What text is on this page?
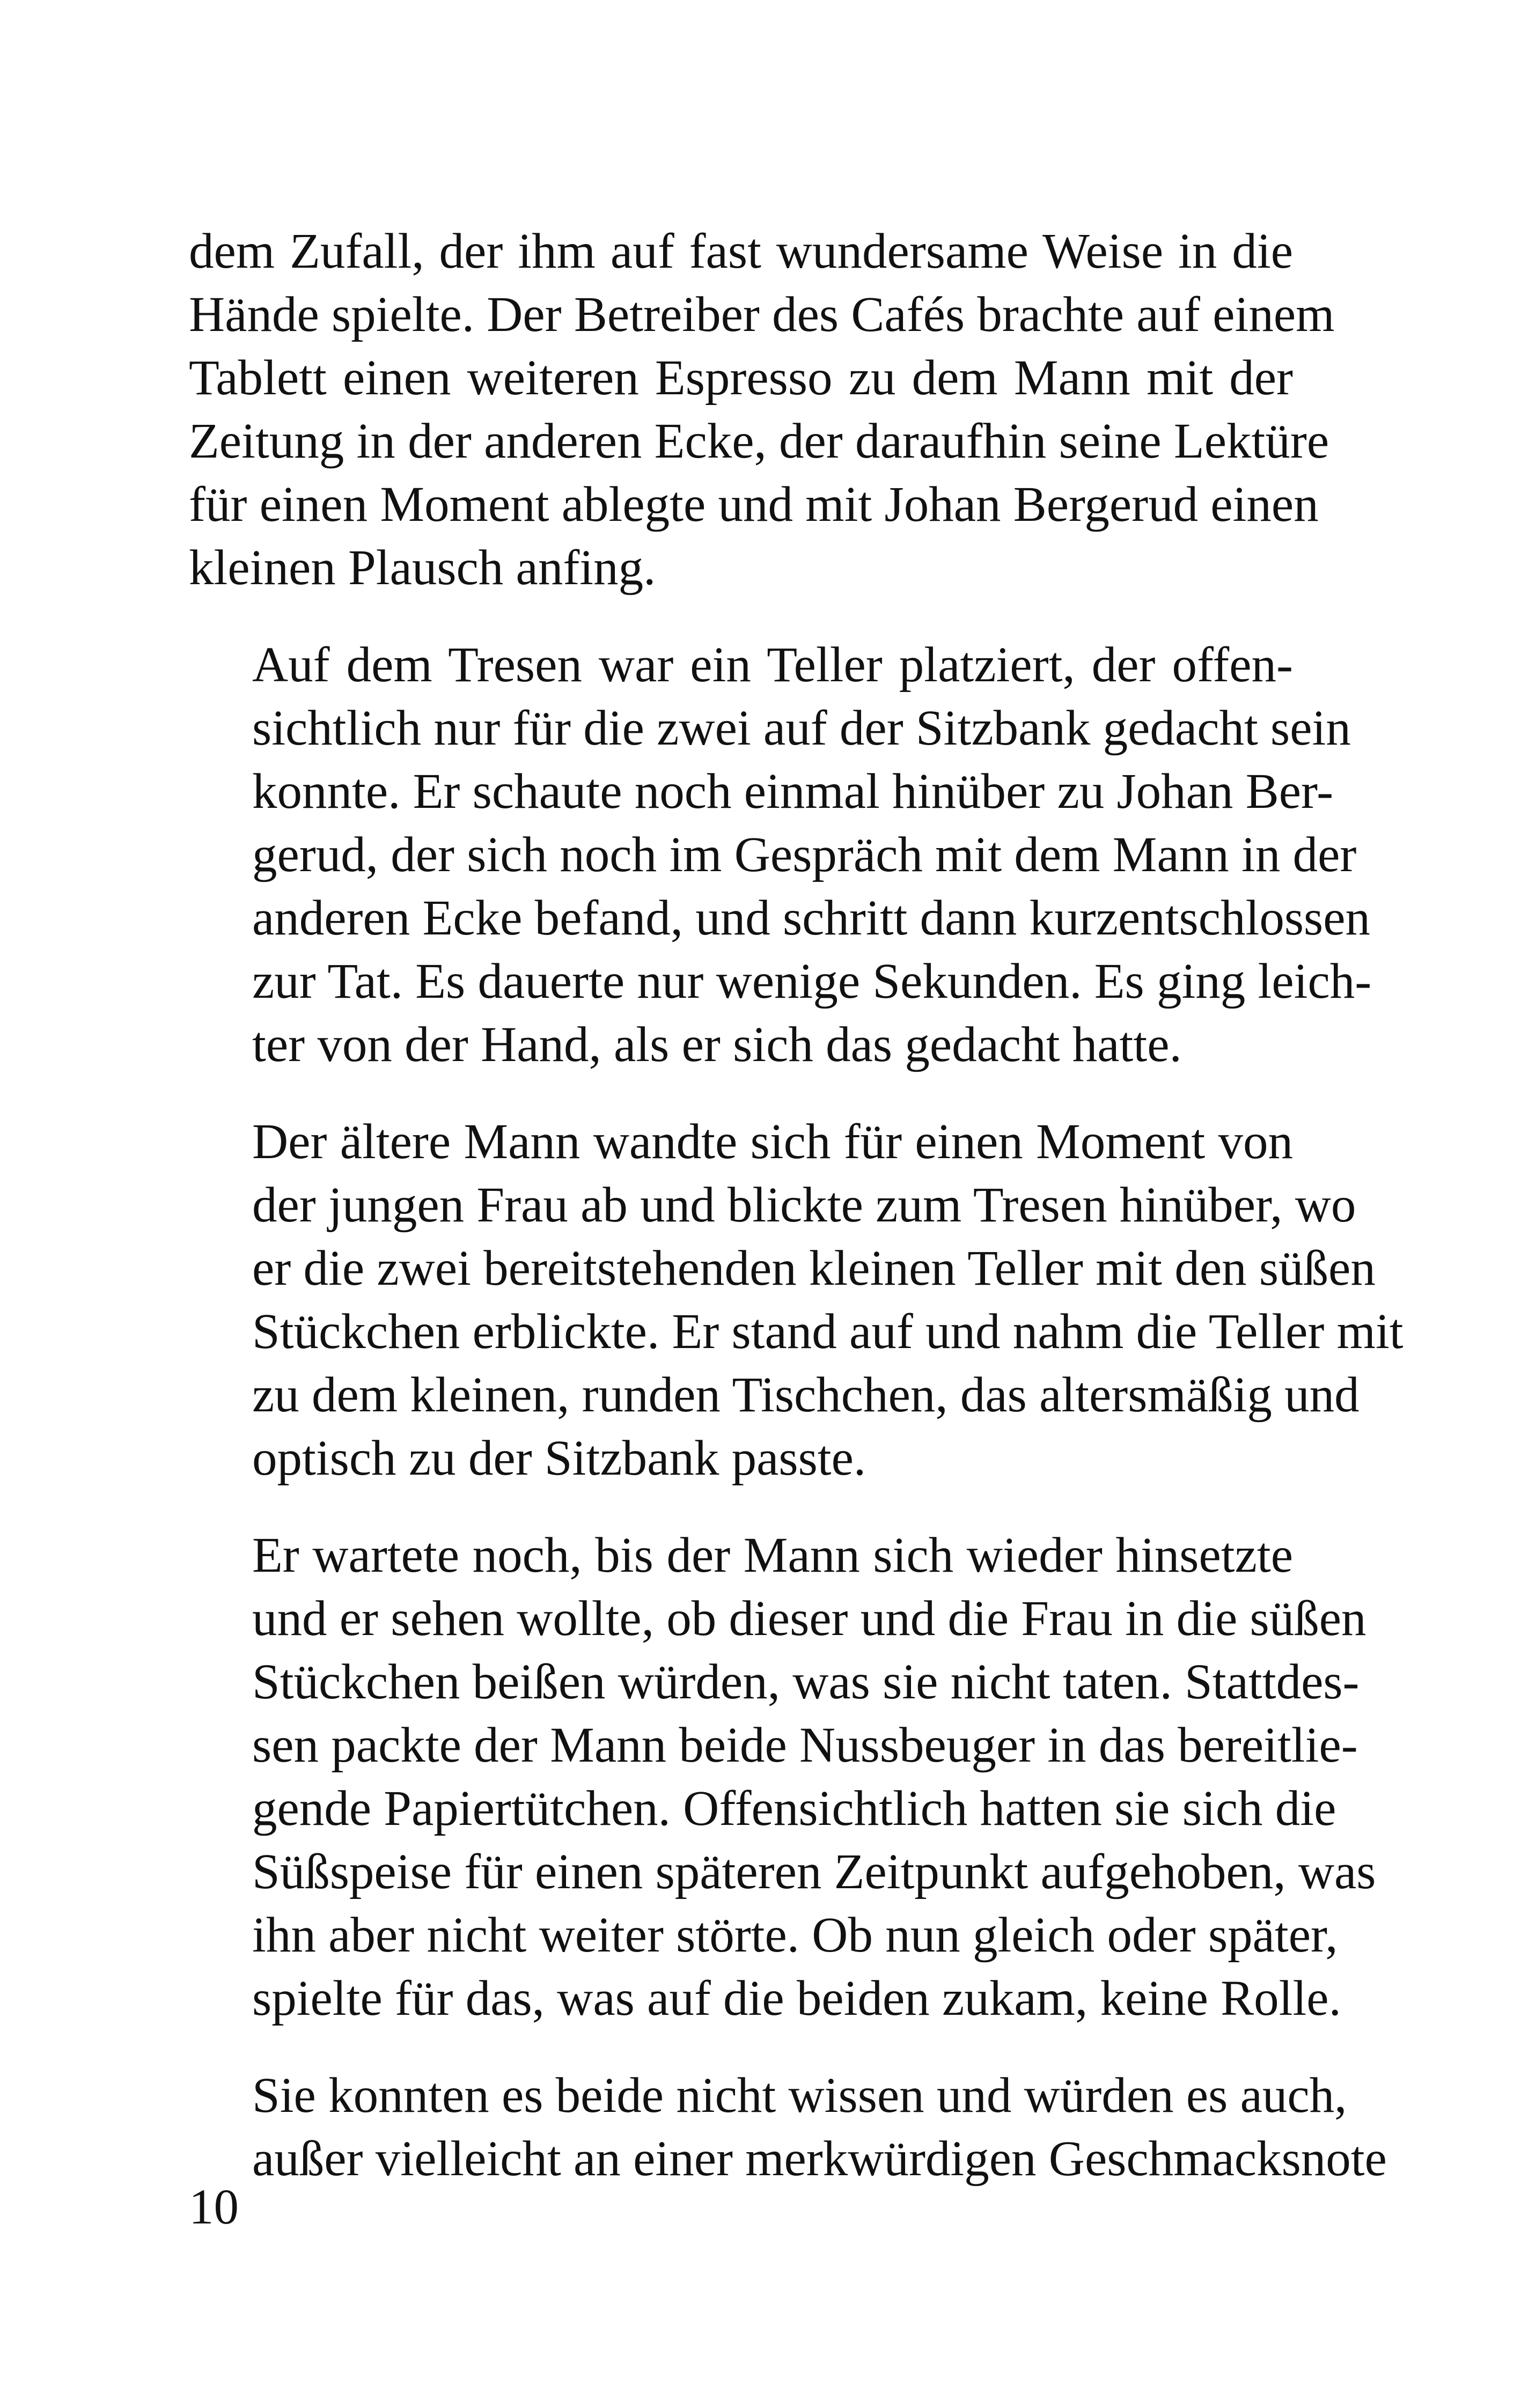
dem Zufall, der ihm auf fast wundersame Weise in die
Hände spielte. Der Betreiber des Cafés brachte auf einem
Tablett einen weiteren Espresso zu dem Mann mit der
Zeitung in der anderen Ecke, der daraufhin seine Lektüre
für einen Moment ablegte und mit Johan Bergerud einen
kleinen Plausch anfing.

Auf dem Tresen war ein Teller platziert, der offen-
sichtlich nur für die zwei auf der Sitzbank gedacht sein
konnte. Er schaute noch einmal hinüber zu Johan Ber-
gerud, der sich noch im Gespräch mit dem Mann in der
anderen Ecke befand, und schritt dann kurzentschlossen
zur Tat. Es dauerte nur wenige Sekunden. Es ging leich-
ter von der Hand, als er sich das gedacht hatte.

Der ältere Mann wandte sich für einen Moment von
der jungen Frau ab und blickte zum Tresen hinüber, wo
er die zwei bereitstehenden kleinen Teller mit den süßen
Stückchen erblickte. Er stand auf und nahm die Teller mit
zu dem kleinen, runden Tischchen, das altersmäßig und
optisch zu der Sitzbank passte.

Er wartete noch, bis der Mann sich wieder hinsetzte
und er sehen wollte, ob dieser und die Frau in die süßen
Stückchen beißen würden, was sie nicht taten. Stattdes-
sen packte der Mann beide Nussbeuger in das bereitlie-
gende Papiertütchen. Offensichtlich hatten sie sich die
Süßspeise für einen späteren Zeitpunkt aufgehoben, was
ihn aber nicht weiter störte. Ob nun gleich oder später,
spielte für das, was auf die beiden zukam, keine Rolle.

Sie konnten es beide nicht wissen und würden es auch,
außer vielleicht an einer merkwürdigen Geschmacksnote

10
